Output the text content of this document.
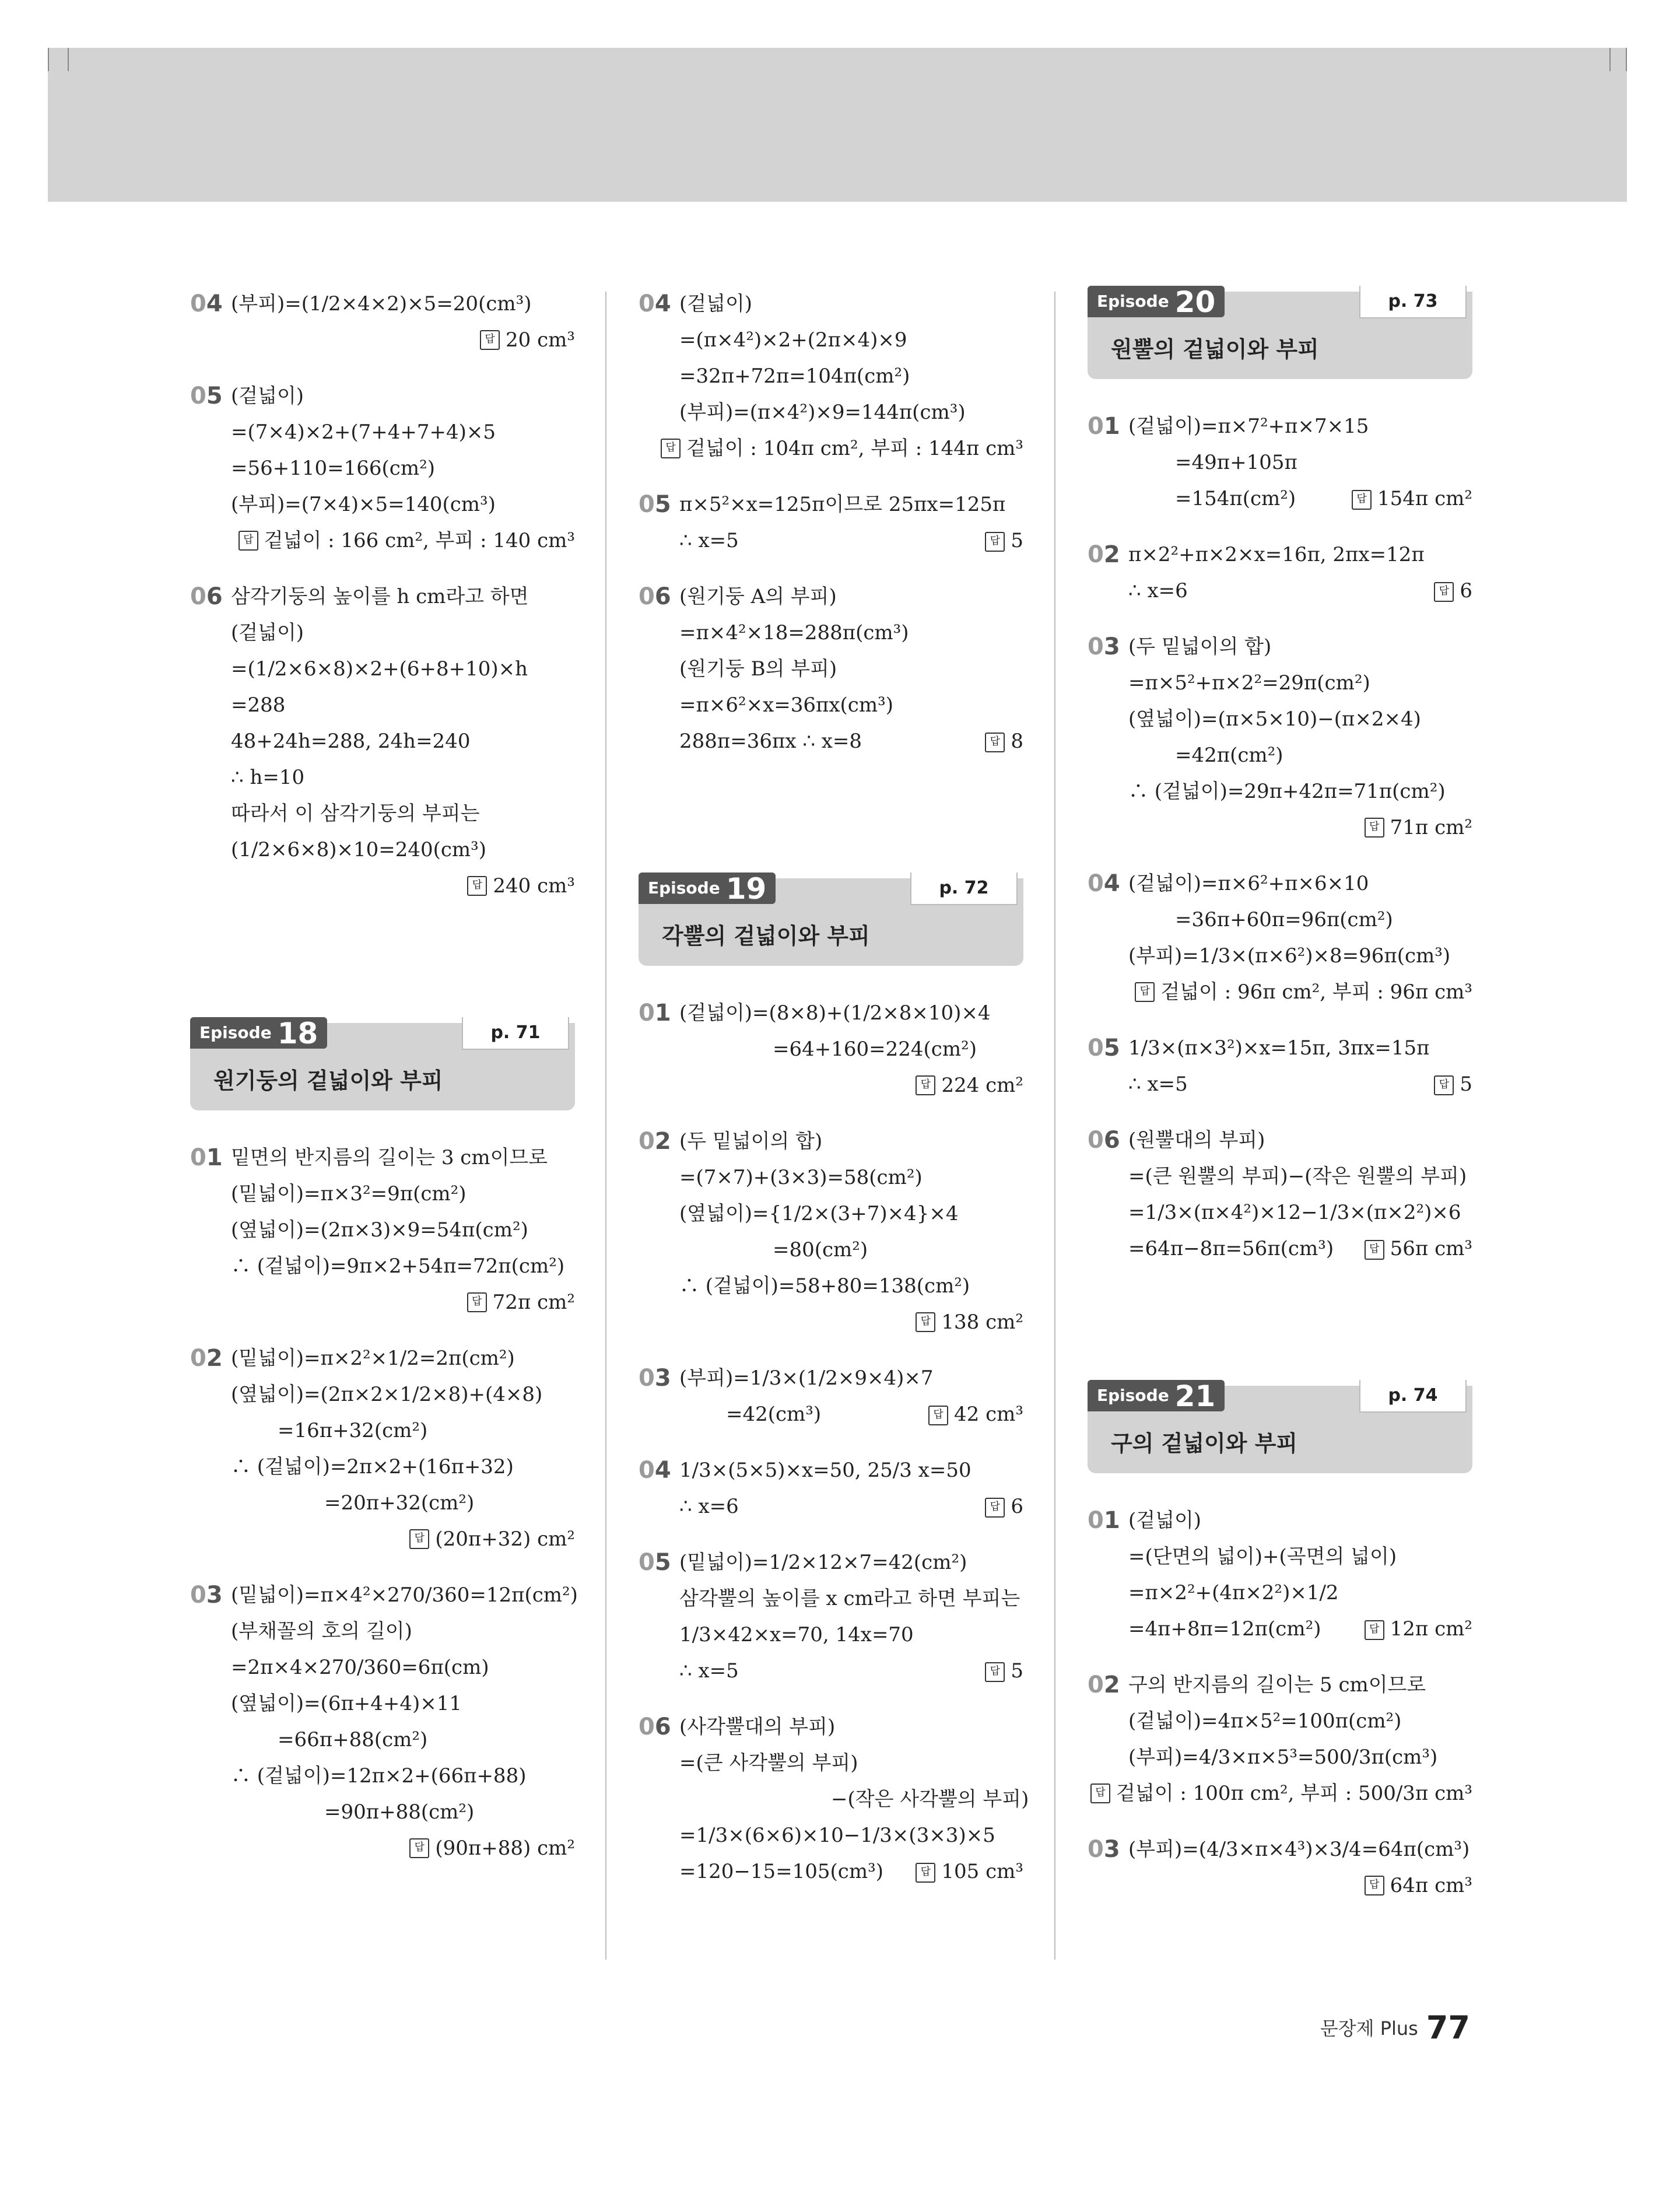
04 (부피)=(1/2×4×2)×5=20(cm³)
답 20 cm³
05 (겉넓이)
=(7×4)×2+(7+4+7+4)×5
=56+110=166(cm²)
(부피)=(7×4)×5=140(cm³)
답 겉넓이 : 166 cm², 부피 : 140 cm³
06 삼각기둥의 높이를 h cm라고 하면
(겉넓이)
=(1/2×6×8)×2+(6+8+10)×h
=288
48+24h=288, 24h=240
∴ h=10
따라서 이 삼각기둥의 부피는
(1/2×6×8)×10=240(cm³)
답 240 cm³
Episode 18	p. 71
원기둥의 겉넓이와 부피
01 밑면의 반지름의 길이는 3 cm이므로
(밑넓이)=π×3²=9π(cm²)
(옆넓이)=(2π×3)×9=54π(cm²)
∴ (겉넓이)=9π×2+54π=72π(cm²)
답 72π cm²
02 (밑넓이)=π×2²×1/2=2π(cm²)
(옆넓이)=(2π×2×1/2×8)+(4×8)
=16π+32(cm²)
∴ (겉넓이)=2π×2+(16π+32)
=20π+32(cm²)
답 (20π+32) cm²
03 (밑넓이)=π×4²×270/360=12π(cm²)
(부채꼴의 호의 길이)
=2π×4×270/360=6π(cm)
(옆넓이)=(6π+4+4)×11
=66π+88(cm²)
∴ (겉넓이)=12π×2+(66π+88)
=90π+88(cm²)
답 (90π+88) cm²
04 (겉넓이)
=(π×4²)×2+(2π×4)×9
=32π+72π=104π(cm²)
(부피)=(π×4²)×9=144π(cm³)
답 겉넓이 : 104π cm², 부피 : 144π cm³
05 π×5²×x=125π이므로 25πx=125π
∴ x=5	답 5
06 (원기둥 A의 부피)
=π×4²×18=288π(cm³)
(원기둥 B의 부피)
=π×6²×x=36πx(cm³)
288π=36πx ∴ x=8	답 8
Episode 19	p. 72
각뿔의 겉넓이와 부피
01 (겉넓이)=(8×8)+(1/2×8×10)×4
=64+160=224(cm²)
답 224 cm²
02 (두 밑넓이의 합)
=(7×7)+(3×3)=58(cm²)
(옆넓이)={1/2×(3+7)×4}×4
=80(cm²)
∴ (겉넓이)=58+80=138(cm²)
답 138 cm²
03 (부피)=1/3×(1/2×9×4)×7
=42(cm³)	답 42 cm³
04 1/3×(5×5)×x=50, 25/3 x=50
∴ x=6	답 6
05 (밑넓이)=1/2×12×7=42(cm²)
삼각뿔의 높이를 x cm라고 하면 부피는
1/3×42×x=70, 14x=70
∴ x=5	답 5
06 (사각뿔대의 부피)
=(큰 사각뿔의 부피)
−(작은 사각뿔의 부피)
=1/3×(6×6)×10−1/3×(3×3)×5
=120−15=105(cm³)	답 105 cm³
Episode 20	p. 73
원뿔의 겉넓이와 부피
01 (겉넓이)=π×7²+π×7×15
=49π+105π
=154π(cm²)	답 154π cm²
02 π×2²+π×2×x=16π, 2πx=12π
∴ x=6	답 6
03 (두 밑넓이의 합)
=π×5²+π×2²=29π(cm²)
(옆넓이)=(π×5×10)−(π×2×4)
=42π(cm²)
∴ (겉넓이)=29π+42π=71π(cm²)
답 71π cm²
04 (겉넓이)=π×6²+π×6×10
=36π+60π=96π(cm²)
(부피)=1/3×(π×6²)×8=96π(cm³)
답 겉넓이 : 96π cm², 부피 : 96π cm³
05 1/3×(π×3²)×x=15π, 3πx=15π
∴ x=5	답 5
06 (원뿔대의 부피)
=(큰 원뿔의 부피)−(작은 원뿔의 부피)
=1/3×(π×4²)×12−1/3×(π×2²)×6
=64π−8π=56π(cm³)	답 56π cm³
Episode 21	p. 74
구의 겉넓이와 부피
01 (겉넓이)
=(단면의 넓이)+(곡면의 넓이)
=π×2²+(4π×2²)×1/2
=4π+8π=12π(cm²)	답 12π cm²
02 구의 반지름의 길이는 5 cm이므로
(겉넓이)=4π×5²=100π(cm²)
(부피)=4/3×π×5³=500/3π(cm³)
답 겉넓이 : 100π cm², 부피 : 500/3π cm³
03 (부피)=(4/3×π×4³)×3/4=64π(cm³)
답 64π cm³
문장제 Plus 77
